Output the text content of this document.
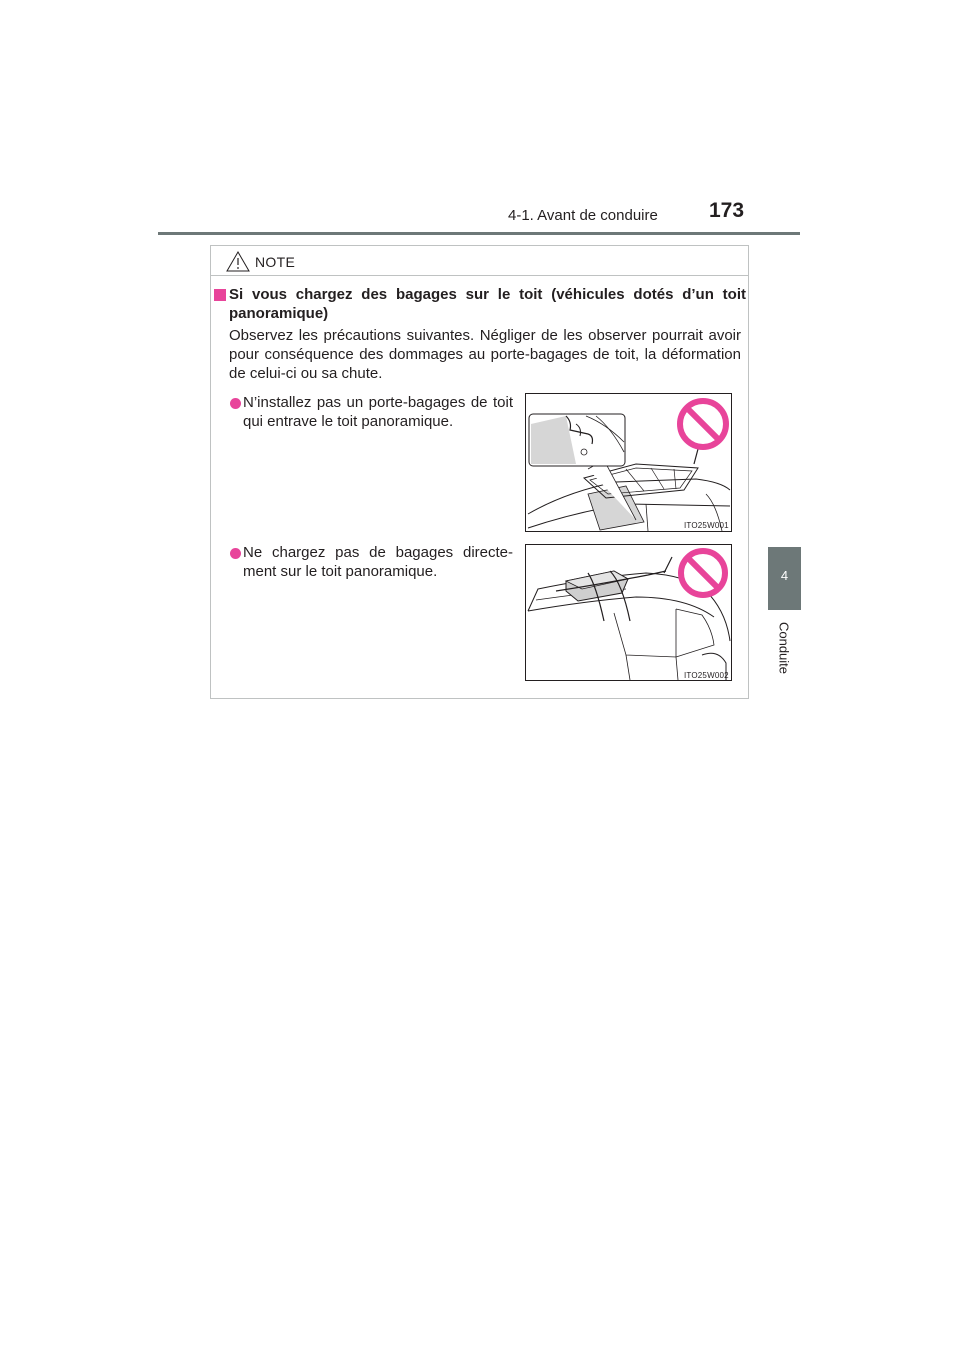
4-1. Avant de conduire 173
4
Conduite
NOTE
Si vous chargez des bagages sur le toit (véhicules dotés d’un toit panoramique)
Observez les précautions suivantes. Négliger de les observer pourrait avoir pour conséquence des dommages au porte-bagages de toit, la déformation de celui-ci ou sa chute.
N’installez pas un porte-bagages de toit qui entrave le toit panoramique.
Ne chargez pas de bagages directe-ment sur le toit panoramique.
ITO25W001
ITO25W002
